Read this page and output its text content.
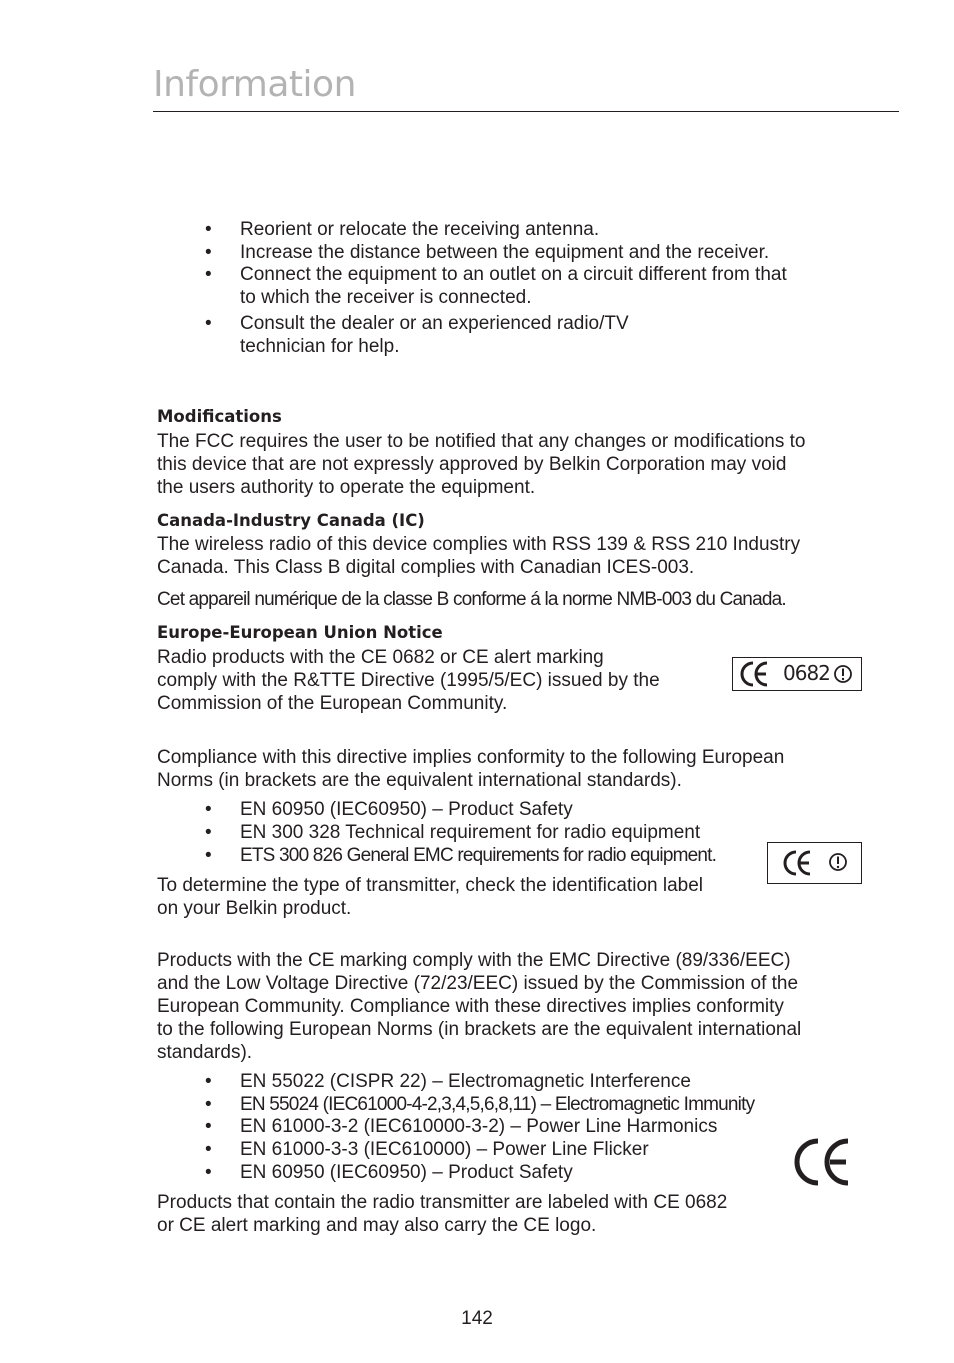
Information
•	Reorient or relocate the receiving antenna.
•	Increase the distance between the equipment and the receiver.
•	Connect the equipment to an outlet on a circuit different from that
to which the receiver is connected.
•	Consult the dealer or an experienced radio/TV
technician for help.
Modifications
The FCC requires the user to be notified that any changes or modifications to
this device that are not expressly approved by Belkin Corporation may void
the users authority to operate the equipment.
Canada-Industry Canada (IC)
The wireless radio of this device complies with RSS 139 & RSS 210 Industry
Canada. This Class B digital complies with Canadian ICES-003.
Cet appareil numérique de la classe B conforme á la norme NMB-003 du Canada.
Europe-European Union Notice
Radio products with the CE 0682 or CE alert marking
comply with the R&TTE Directive (1995/5/EC) issued by the
Commission of the European Community.
0682
Compliance with this directive implies conformity to the following European
Norms (in brackets are the equivalent international standards).
•	EN 60950 (IEC60950) – Product Safety
•	EN 300 328 Technical requirement for radio equipment
•	ETS 300 826 General EMC requirements for radio equipment.
To determine the type of transmitter, check the identification label
on your Belkin product.
Products with the CE marking comply with the EMC Directive (89/336/EEC)
and the Low Voltage Directive (72/23/EEC) issued by the Commission of the
European Community. Compliance with these directives implies conformity
to the following European Norms (in brackets are the equivalent international
standards).
•	EN 55022 (CISPR 22) – Electromagnetic Interference
•	EN 55024 (IEC61000-4-2,3,4,5,6,8,11) – Electromagnetic Immunity
•	EN 61000-3-2 (IEC610000-3-2) – Power Line Harmonics
•	EN 61000-3-3 (IEC610000) – Power Line Flicker
•	EN 60950 (IEC60950) – Product Safety
Products that contain the radio transmitter are labeled with CE 0682
or CE alert marking and may also carry the CE logo.
142
